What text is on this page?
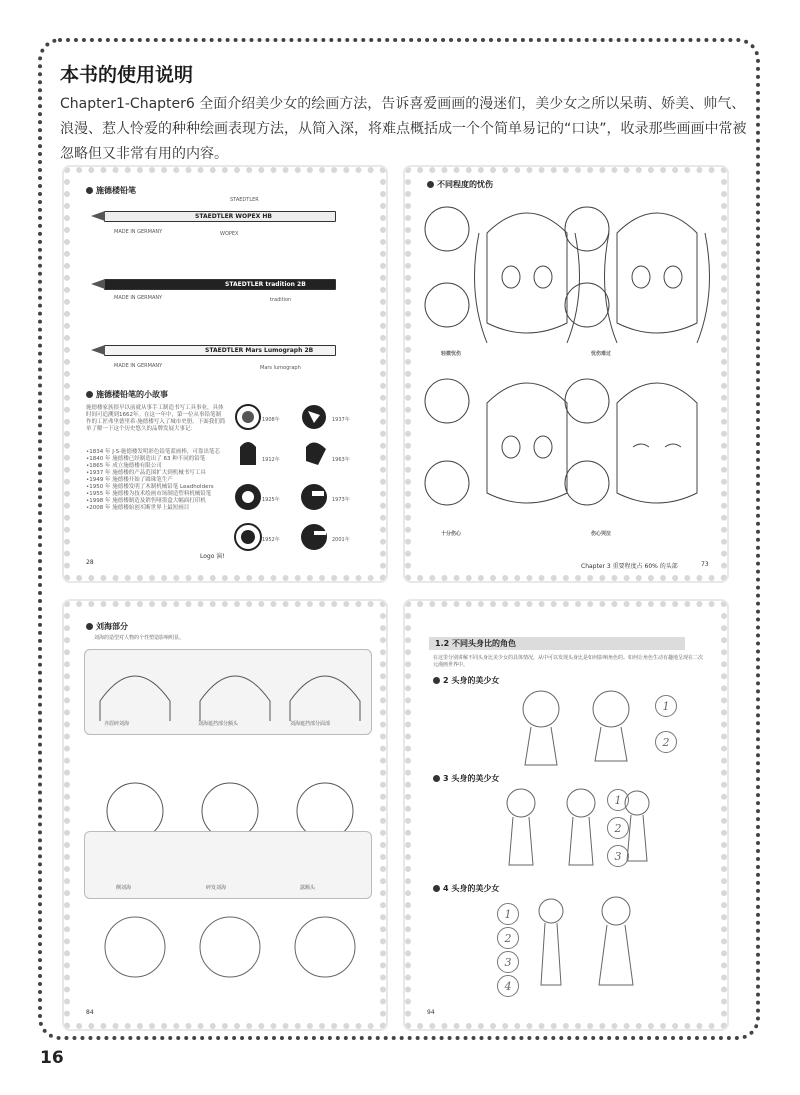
本书的使用说明
Chapter1-Chapter6 全面介绍美少女的绘画方法，告诉喜爱画画的漫迷们，美少女之所以呆萌、娇美、帅气、浪漫、惹人怜爱的种种绘画表现方法，从简入深，将难点概括成一个个简单易记的“口诀”，收录那些画画中常被忽略但又非常有用的内容。
施德楼铅笔
STAEDTLER
STAEDTLER WOPEX HB
MADE IN GERMANY	WOPEX
STAEDTLER tradition 2B
MADE IN GERMANY	tradition
STAEDTLER Mars Lumograph 2B
MADE IN GERMANY	Mars lumograph
施德楼铅笔的小故事
施德楼家族很早以前就从事手工制造书写工具事业，具体时间可追溯到1662年。在这一年中，第一位从事铅笔制作的工匠弗里德里希·施德楼写入了城市史册。下面我们简单了解一下这个历史悠久的品牌发展大事记：
•1834 年 J·S·施德楼发明彩色铅笔蓝画棒，可靠出笔芯
•1840 年 施德楼已经制造出了 63 种不同的铅笔
•1865 年 成立施德楼有限公司
•1937 年 施德楼的产品范围扩大到机械书写工具
•1949 年 施德楼开始了圆珠笔生产
•1950 年 施德楼发明了木制机械铅笔 Leadholders
•1955 年 施德楼为技术绘画市场制造塑料机械铅笔
•1998 年 施德楼制造及销售哑墨盒大幅面打印机
•2008 年 施德楼始创买断世界上最短画目
1908年	1937年
1912年	1963年
1925年	1973年
1952年	2001年
28
Logo 演!
不同程度的忧伤
轻微忧伤	忧伤难过
十分伤心	伤心哭泣
Chapter 3 重要程度占 60% 的头部	73
刘海部分
刘海的造型对人物的个性塑造影响明显。
齐眉碎刘海	刘海遮挡部分额头	刘海遮挡部分面部
侧刘海	碎发刘海	露额头
84
1.2 不同头身比的角色
在这里分别讲解不同头身比美少女的具体情况，从中可以发现头身比是如何影响角色的。如何让角色生动有趣地呈现在二次元漫画世界中。
2 头身的美少女
3 头身的美少女
4 头身的美少女
1
2
1
2
3
1
2
3
4
94
16
